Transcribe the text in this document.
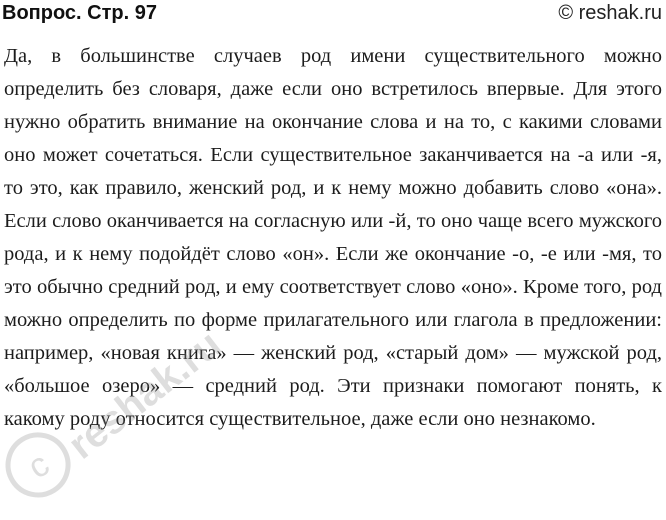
Вопрос. Стр. 97	© reshak.ru

Да, в большинстве случаев род имени существительного можно определить без словаря, даже если оно встретилось впервые. Для этого нужно обратить внимание на окончание слова и на то, с какими словами оно может сочетаться. Если существительное заканчивается на -а или -я, то это, как правило, женский род, и к нему можно добавить слово «она». Если слово оканчивается на согласную или -й, то оно чаще всего мужского рода, и к нему подойдёт слово «он». Если же окончание -о, -е или -мя, то это обычно средний род, и ему соответствует слово «оно». Кроме того, род можно определить по форме прилагательного или глагола в предложении: например, «новая книга» — женский род, «старый дом» — мужской род, «большое озеро» — средний род. Эти признаки помогают понять, к какому роду относится существительное, даже если оно незнакомо.

c reshak.ru
